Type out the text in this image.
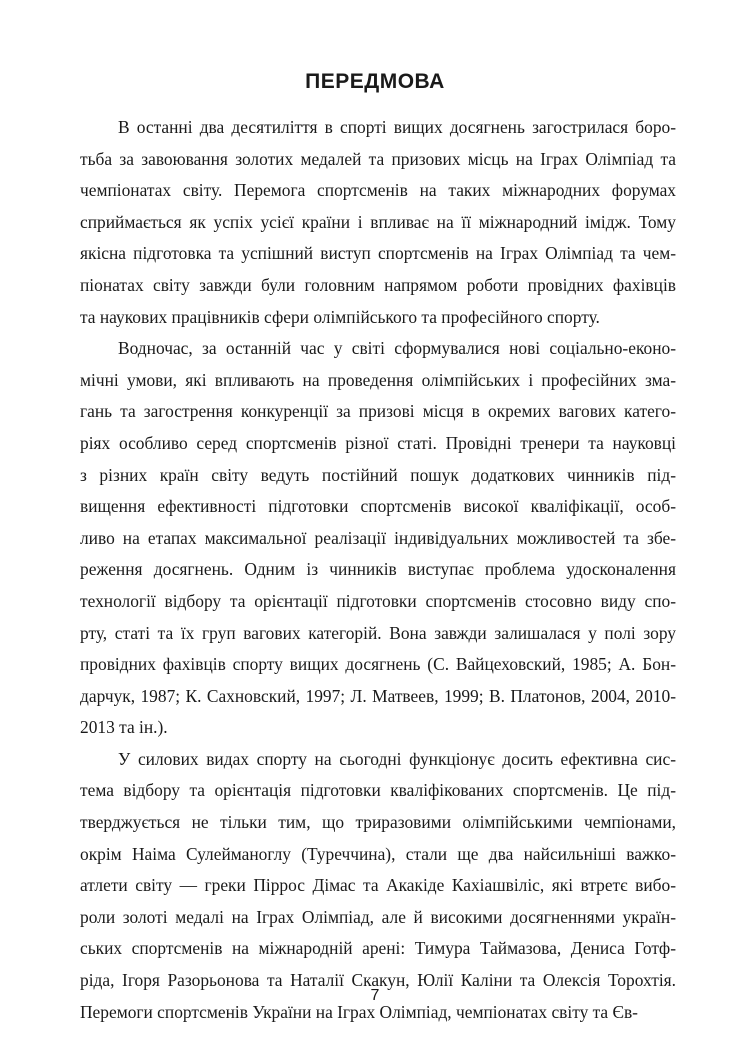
ПЕРЕДМОВА
В останні два десятиліття в спорті вищих досягнень загострилася боро-
тьба за завоювання золотих медалей та призових місць на Іграх Олімпіад та
чемпіонатах світу. Перемога спортсменів на таких міжнародних форумах
сприймається як успіх усієї країни і впливає на її міжнародний імідж. Тому
якісна підготовка та успішний виступ спортсменів на Іграх Олімпіад та чем-
піонатах світу завжди були головним напрямом роботи провідних фахівців
та наукових працівників сфери олімпійського та професійного спорту.
Водночас, за останній час у світі сформувалися нові соціально-еконо-
мічні умови, які впливають на проведення олімпійських і професійних зма-
гань та загострення конкуренції за призові місця в окремих вагових катего-
ріях особливо серед спортсменів різної статі. Провідні тренери та науковці
з різних країн світу ведуть постійний пошук додаткових чинників під-
вищення ефективності підготовки спортсменів високої кваліфікації, особ-
ливо на етапах максимальної реалізації індивідуальних можливостей та збе-
реження досягнень. Одним із чинників виступає проблема удосконалення
технології відбору та орієнтації підготовки спортсменів стосовно виду спо-
рту, статі та їх груп вагових категорій. Вона завжди залишалася у полі зору
провідних фахівців спорту вищих досягнень (С. Вайцеховский, 1985; А. Бон-
дарчук, 1987; К. Сахновский, 1997; Л. Матвеев, 1999; В. Платонов, 2004, 2010-
2013 та ін.).
У силових видах спорту на сьогодні функціонує досить ефективна сис-
тема відбору та орієнтація підготовки кваліфікованих спортсменів. Це під-
тверджується не тільки тим, що триразовими олімпійськими чемпіонами,
окрім Наіма Сулейманоглу (Туреччина), стали ще два найсильніші важко-
атлети світу — греки Піррос Дімас та Акакіде Кахіашвіліс, які втретє вибо-
роли золоті медалі на Іграх Олімпіад, але й високими досягненнями україн-
ських спортсменів на міжнародній арені: Тимура Таймазова, Дениса Готф-
ріда, Ігоря Разорьонова та Наталії Скакун, Юлії Каліни та Олексія Торохтія.
Перемоги спортсменів України на Іграх Олімпіад, чемпіонатах світу та Єв-
7
